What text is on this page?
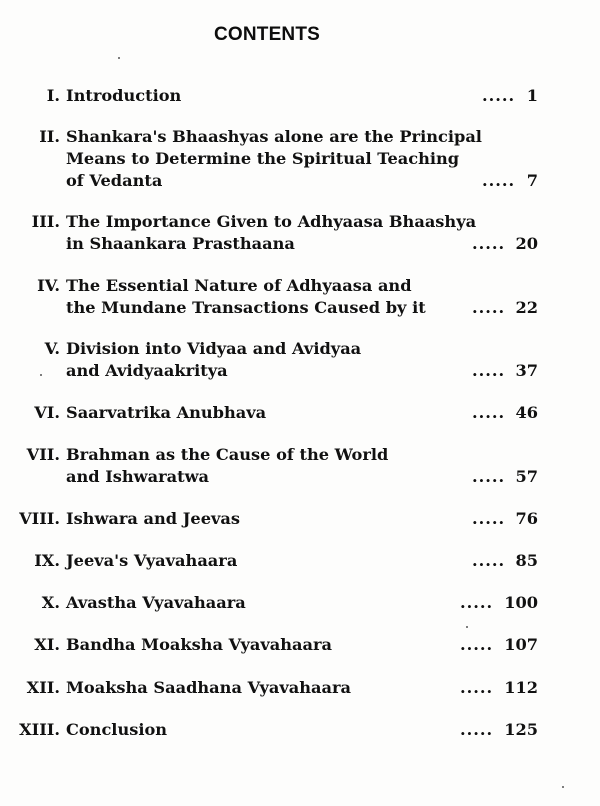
CONTENTS
I. Introduction	..... 1
II. Shankara's Bhaashyas alone are the Principal
Means to Determine the Spiritual Teaching
of Vedanta	..... 7
III. The Importance Given to Adhyaasa Bhaashya
in Shaankara Prasthaana	..... 20
IV. The Essential Nature of Adhyaasa and
the Mundane Transactions Caused by it	..... 22
V. Division into Vidyaa and Avidyaa
and Avidyaakritya	..... 37
VI. Saarvatrika Anubhava	..... 46
VII. Brahman as the Cause of the World
and Ishwaratwa	..... 57
VIII. Ishwara and Jeevas	..... 76
IX. Jeeva's Vyavahaara	..... 85
X. Avastha Vyavahaara	..... 100
XI. Bandha Moaksha Vyavahaara	..... 107
XII. Moaksha Saadhana Vyavahaara	..... 112
XIII. Conclusion	..... 125
